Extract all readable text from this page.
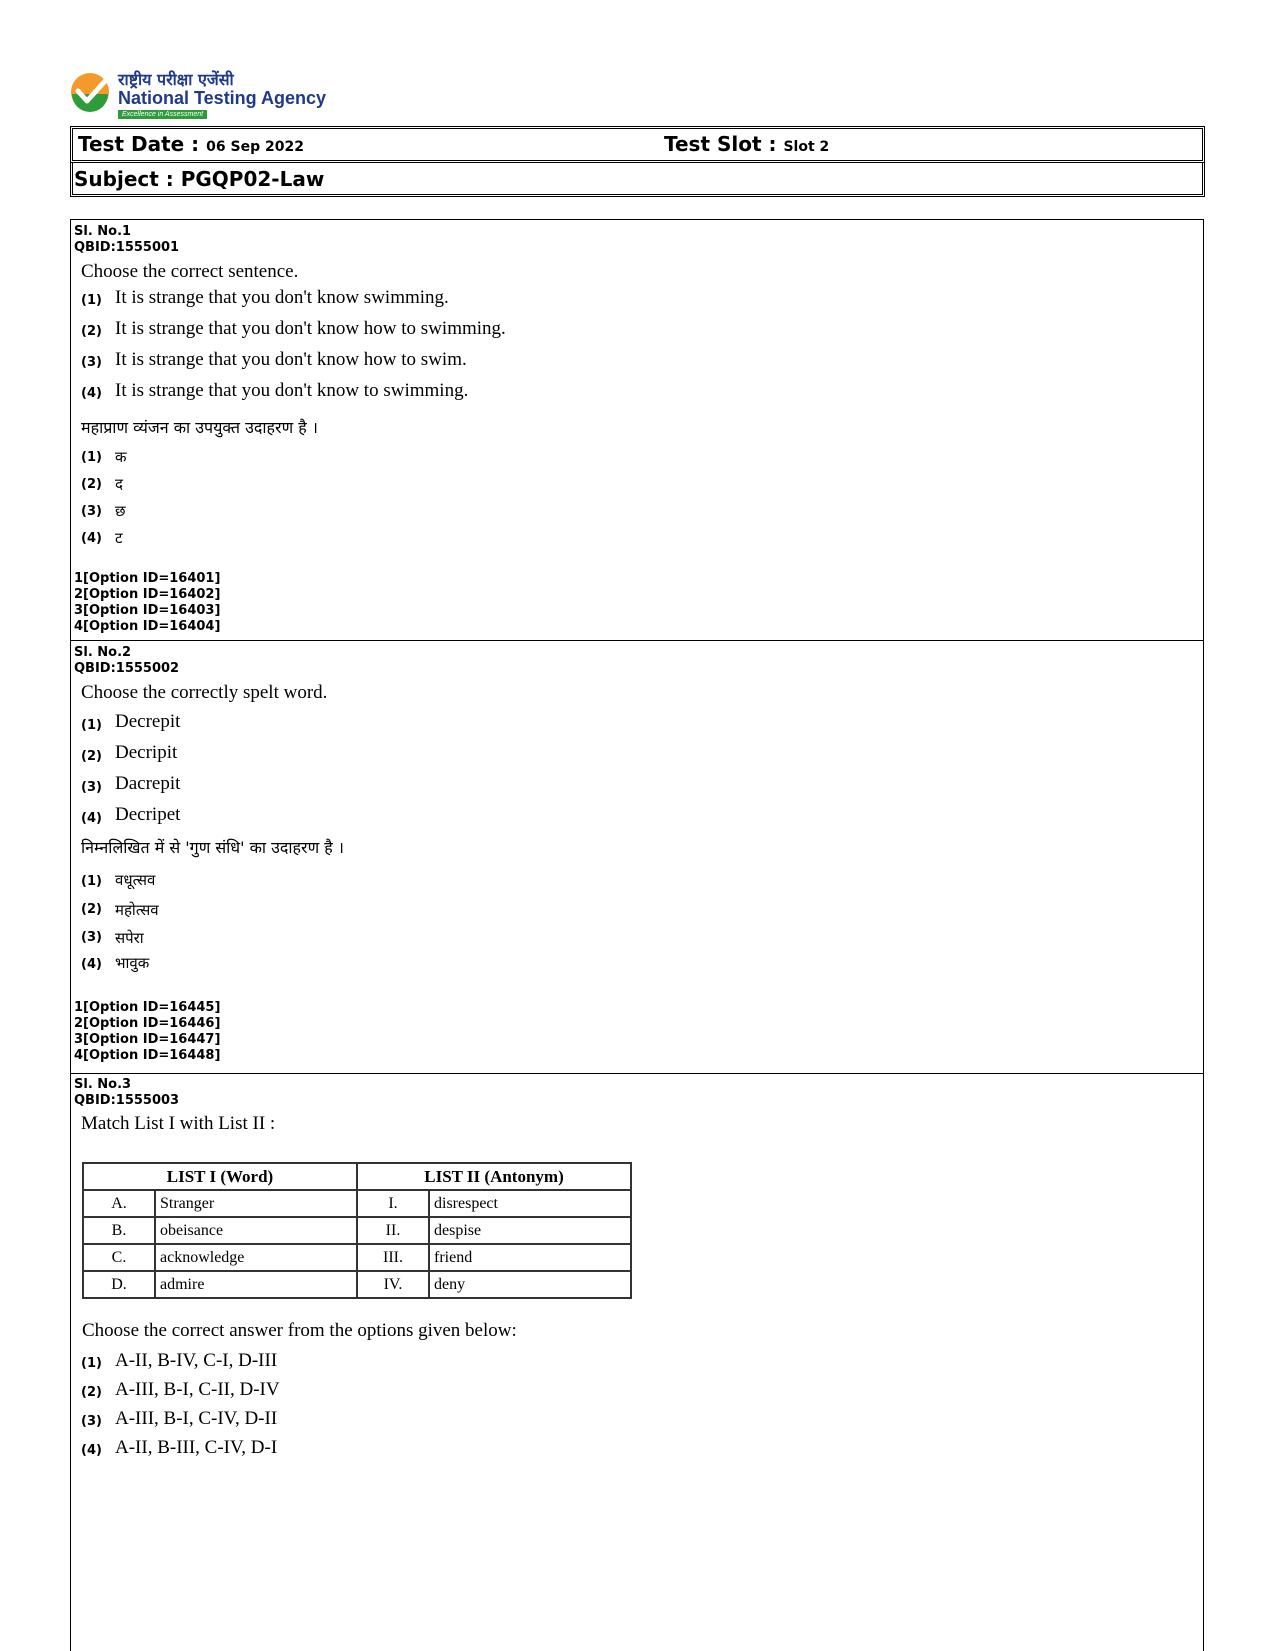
राष्ट्रीय परीक्षा एजेंसी
National Testing Agency
Excellence in Assessment
Test Date : 06 Sep 2022	Test Slot : Slot 2
Subject : PGQP02-Law
Sl. No.1
QBID:1555001
Choose the correct sentence.
(1) It is strange that you don't know swimming.
(2) It is strange that you don't know how to swimming.
(3) It is strange that you don't know how to swim.
(4) It is strange that you don't know to swimming.
महाप्राण व्यंजन का उपयुक्त उदाहरण है ।
(1) क
(2) द
(3) छ
(4) ट
1[Option ID=16401]
2[Option ID=16402]
3[Option ID=16403]
4[Option ID=16404]
Sl. No.2
QBID:1555002
Choose the correctly spelt word.
(1) Decrepit
(2) Decripit
(3) Dacrepit
(4) Decripet
निम्नलिखित में से 'गुण संधि' का उदाहरण है ।
(1) वधूत्सव
(2) महोत्सव
(3) सपेरा
(4) भावुक
1[Option ID=16445]
2[Option ID=16446]
3[Option ID=16447]
4[Option ID=16448]
Sl. No.3
QBID:1555003
Match List I with List II :
LIST I (Word)		LIST II (Antonym)	
A.	Stranger	I.	disrespect
B.	obeisance	II.	despise
C.	acknowledge	III.	friend
D.	admire	IV.	deny
Choose the correct answer from the options given below:
(1) A-II, B-IV, C-I, D-III
(2) A-III, B-I, C-II, D-IV
(3) A-III, B-I, C-IV, D-II
(4) A-II, B-III, C-IV, D-I
